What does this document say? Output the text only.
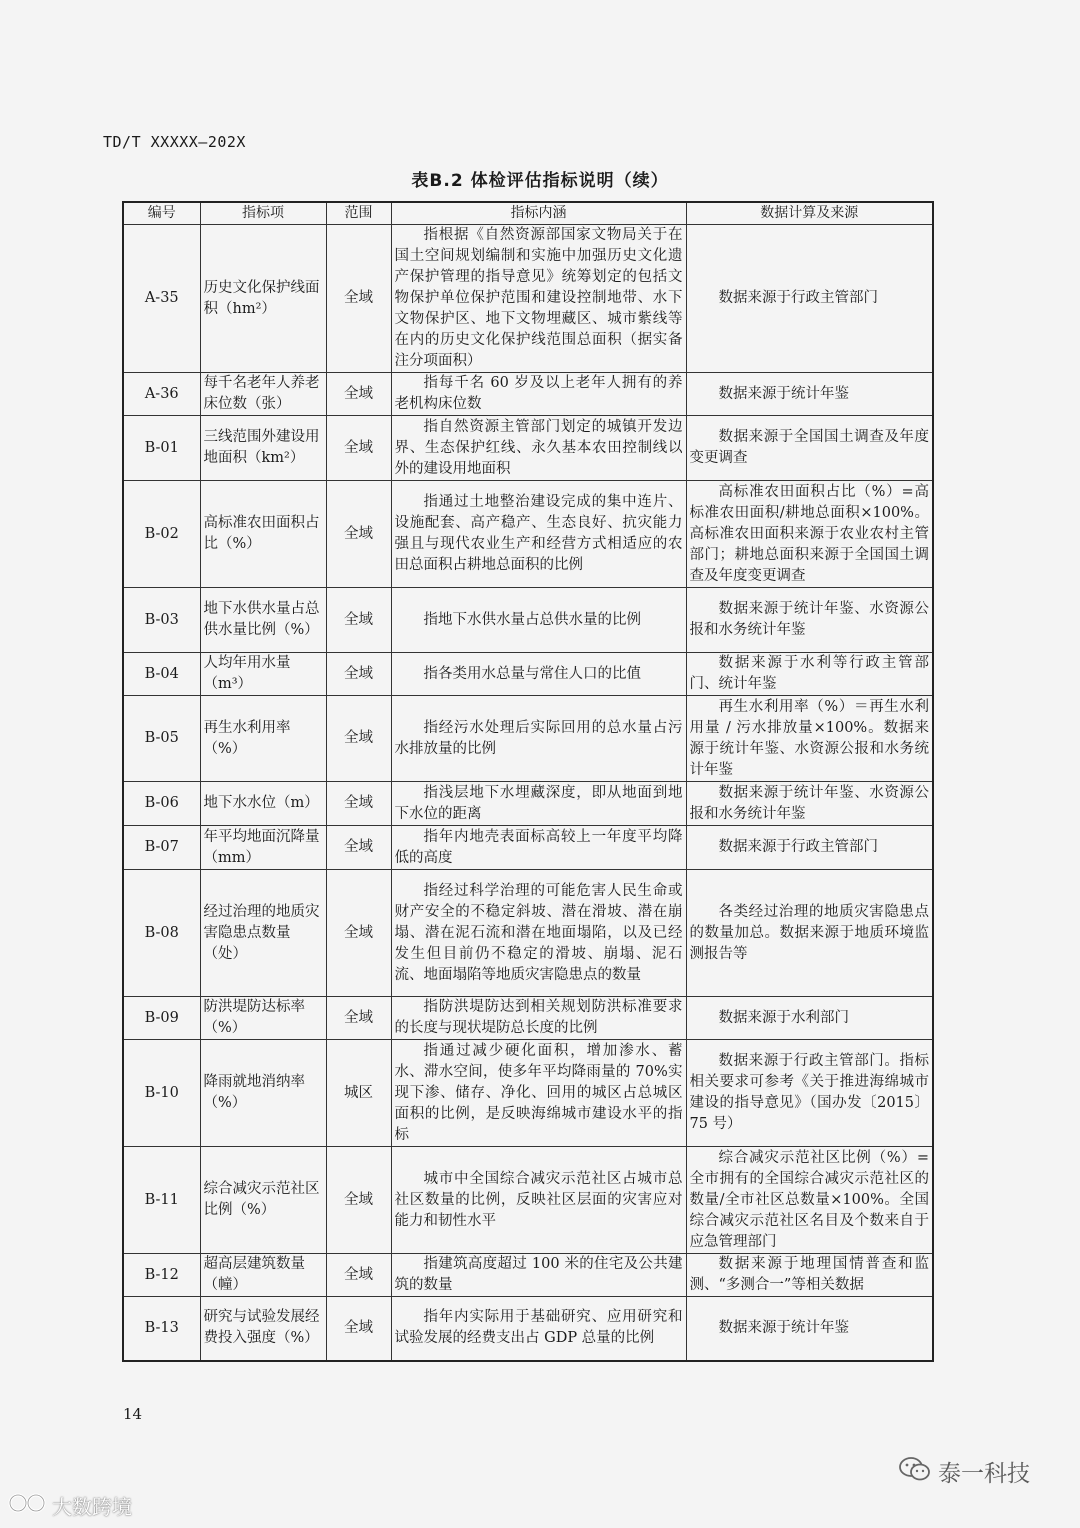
TD/T XXXXX—202X
表B.2 体检评估指标说明（续）
编号	指标项	范围	指标内涵	数据计算及来源
A-35	历史文化保护线面积（hm²）	全域	指根据《自然资源部国家文物局关于在国土空间规划编制和实施中加强历史文化遗产保护管理的指导意见》统筹划定的包括文物保护单位保护范围和建设控制地带、水下文物保护区、地下文物埋藏区、城市紫线等在内的历史文化保护线范围总面积（据实备注分项面积）	数据来源于行政主管部门
A-36	每千名老年人养老床位数（张）	全域	指每千名 60 岁及以上老年人拥有的养老机构床位数	数据来源于统计年鉴
B-01	三线范围外建设用地面积（km²）	全域	指自然资源主管部门划定的城镇开发边界、生态保护红线、永久基本农田控制线以外的建设用地面积	数据来源于全国国土调查及年度变更调查
B-02	高标准农田面积占比（%）	全域	指通过土地整治建设完成的集中连片、设施配套、高产稳产、生态良好、抗灾能力强且与现代农业生产和经营方式相适应的农田总面积占耕地总面积的比例	高标准农田面积占比（%）=高标准农田面积/耕地总面积×100%。高标准农田面积来源于农业农村主管部门；耕地总面积来源于全国国土调查及年度变更调查
B-03	地下水供水量占总供水量比例（%）	全域	指地下水供水量占总供水量的比例	数据来源于统计年鉴、水资源公报和水务统计年鉴
B-04	人均年用水量（m³）	全域	指各类用水总量与常住人口的比值	数据来源于水利等行政主管部门、统计年鉴
B-05	再生水利用率（%）	全域	指经污水处理后实际回用的总水量占污水排放量的比例	再生水利用率（%）＝再生水利用量 / 污水排放量×100%。数据来源于统计年鉴、水资源公报和水务统计年鉴
B-06	地下水水位（m）	全域	指浅层地下水埋藏深度，即从地面到地下水位的距离	数据来源于统计年鉴、水资源公报和水务统计年鉴
B-07	年平均地面沉降量（mm）	全域	指年内地壳表面标高较上一年度平均降低的高度	数据来源于行政主管部门
B-08	经过治理的地质灾害隐患点数量（处）	全域	指经过科学治理的可能危害人民生命或财产安全的不稳定斜坡、潜在滑坡、潜在崩塌、潜在泥石流和潜在地面塌陷，以及已经发生但目前仍不稳定的滑坡、崩塌、泥石流、地面塌陷等地质灾害隐患点的数量	各类经过治理的地质灾害隐患点的数量加总。数据来源于地质环境监测报告等
B-09	防洪堤防达标率（%）	全域	指防洪堤防达到相关规划防洪标准要求的长度与现状堤防总长度的比例	数据来源于水利部门
B-10	降雨就地消纳率（%）	城区	指通过减少硬化面积，增加渗水、蓄水、滞水空间，使多年平均降雨量的 70%实现下渗、储存、净化、回用的城区占总城区面积的比例，是反映海绵城市建设水平的指标	数据来源于行政主管部门。指标相关要求可参考《关于推进海绵城市建设的指导意见》（国办发〔2015〕75 号）
B-11	综合减灾示范社区比例（%）	全域	城市中全国综合减灾示范社区占城市总社区数量的比例，反映社区层面的灾害应对能力和韧性水平	综合减灾示范社区比例（%）=全市拥有的全国综合减灾示范社区的数量/全市社区总数量×100%。全国综合减灾示范社区名目及个数来自于应急管理部门
B-12	超高层建筑数量（幢）	全域	指建筑高度超过 100 米的住宅及公共建筑的数量	数据来源于地理国情普查和监测、“多测合一”等相关数据
B-13	研究与试验发展经费投入强度（%）	全域	指年内实际用于基础研究、应用研究和试验发展的经费支出占 GDP 总量的比例	数据来源于统计年鉴
14
泰一科技
大数跨境
